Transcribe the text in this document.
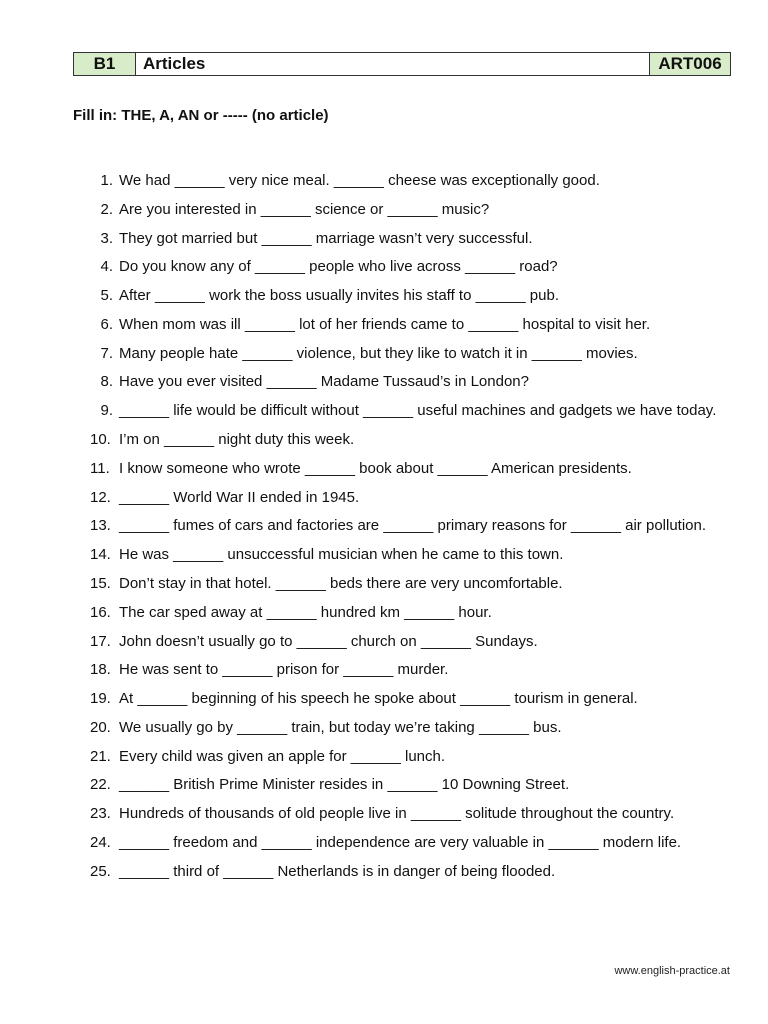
B1	Articles	ART006
Fill in: THE, A, AN or ----- (no article)
1. We had ______ very nice meal. ______ cheese was exceptionally good.
2. Are you interested in ______ science or ______ music?
3. They got married but ______ marriage wasn’t very successful.
4. Do you know any of ______ people who live across ______ road?
5. After ______ work the boss usually invites his staff to ______ pub.
6. When mom was ill ______ lot of her friends came to ______ hospital to visit her.
7. Many people hate ______ violence, but they like to watch it in ______ movies.
8. Have you ever visited ______ Madame Tussaud’s in London?
9. ______ life would be difficult without ______ useful machines and gadgets we have today.
10. I’m on ______ night duty this week.
11. I know someone who wrote ______ book about ______ American presidents.
12. ______ World War II ended in 1945.
13. ______ fumes of cars and factories are ______ primary reasons for ______ air pollution.
14. He was ______ unsuccessful musician when he came to this town.
15. Don’t stay in that hotel. ______ beds there are very uncomfortable.
16. The car sped away at ______ hundred km ______ hour.
17. John doesn’t usually go to ______ church on ______ Sundays.
18. He was sent to ______ prison for ______ murder.
19. At ______ beginning of his speech he spoke about ______ tourism in general.
20. We usually go by ______ train, but today we’re taking ______ bus.
21. Every child was given an apple for ______ lunch.
22. ______ British Prime Minister resides in ______ 10 Downing Street.
23. Hundreds of thousands of old people live in ______ solitude throughout the country.
24. ______ freedom and ______ independence are very valuable in ______ modern life.
25. ______ third of ______ Netherlands is in danger of being flooded.
www.english-practice.at
